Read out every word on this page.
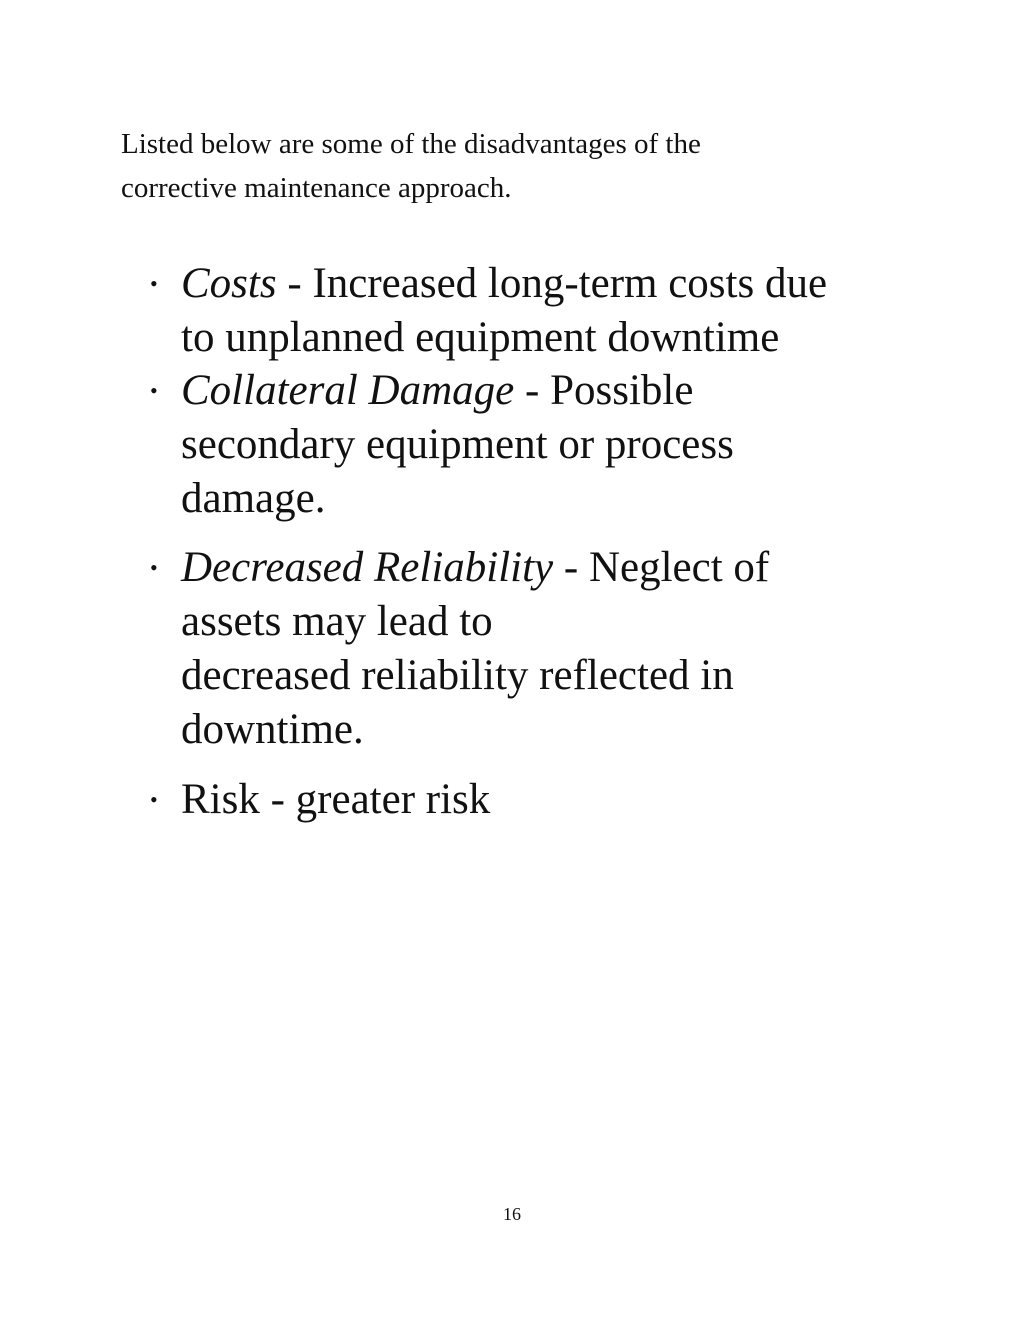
Listed below are some of the disadvantages of the
corrective maintenance approach.

• Costs - Increased long-term costs due
to unplanned equipment downtime
• Collateral Damage - Possible
secondary equipment or process
damage.
• Decreased Reliability - Neglect of
assets may lead to
decreased reliability reflected in
downtime.
• Risk - greater risk
16
